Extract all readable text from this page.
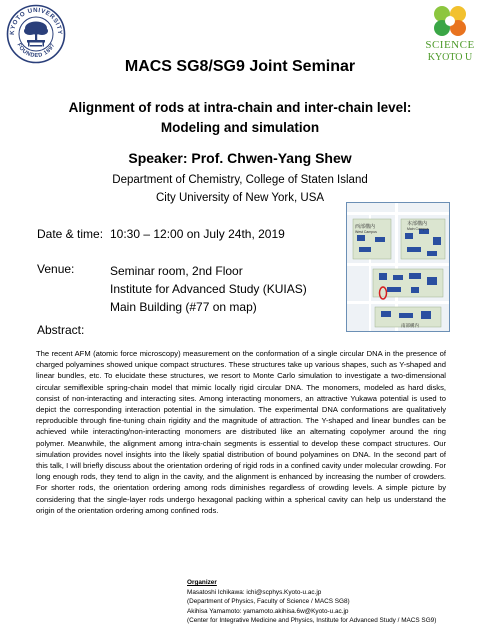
KYOTO UNIVERSITY
FOUNDED 1897	SCIENCE
KYOTO U
MACS SG8/SG9 Joint Seminar
Alignment of rods at intra-chain and inter-chain level:
Modeling and simulation
Speaker: Prof. Chwen-Yang Shew
Department of Chemistry, College of Staten Island
City University of New York, USA
Date & time: 10:30 – 12:00 on July 24th, 2019
Venue:	Seminar room, 2nd Floor
Institute for Advanced Study (KUIAS)
Main Building (#77 on map)
西部構内
West Campus
本部構内
Main Campus
南部構内
Abstract:
The recent AFM (atomic force microscopy) measurement on the conformation of a single circular DNA in the presence of charged polyamines showed unique compact structures. These structures take up various shapes, such as Y-shaped and linear bundles, etc. To elucidate these structures, we resort to Monte Carlo simulation to investigate a two-dimensional circular semiflexible spring-chain model that mimic locally rigid circular DNA. The monomers, modeled as hard disks, consist of non-interacting and interacting sites. Among interacting monomers, an attractive Yukawa potential is used to depict the corresponding interaction potential in the simulation. The experimental DNA conformations are qualitatively reproducible through fine-tuning chain rigidity and the magnitude of attraction. The Y-shaped and linear bundles can be achieved while interacting/non-interacting monomers are distributed like an alternating copolymer around the ring polymer. Meanwhile, the alignment among intra-chain segments is essential to develop these compact structures. Our simulation provides novel insights into the likely spatial distribution of bound polyamines on DNA. In the second part of this talk, I will briefly discuss about the orientation ordering of rigid rods in a confined cavity under molecular crowding. For long enough rods, they tend to align in the cavity, and the alignment is enhanced by increasing the number of crowders. For shorter rods, the orientation ordering among rods diminishes regardless of crowding levels. A simple picture by considering that the single-layer rods undergo hexagonal packing within a spherical cavity can help us understand the origin of the orientation ordering among confined rods.
Organizer
Masatoshi Ichikawa: ichi@scphys.Kyoto-u.ac.jp
(Department of Physics, Faculty of Science / MACS SG8)
Akihisa Yamamoto: yamamoto.akihisa.6w@Kyoto-u.ac.jp
(Center for Integrative Medicine and Physics, Institute for Advanced Study / MACS SG9)
